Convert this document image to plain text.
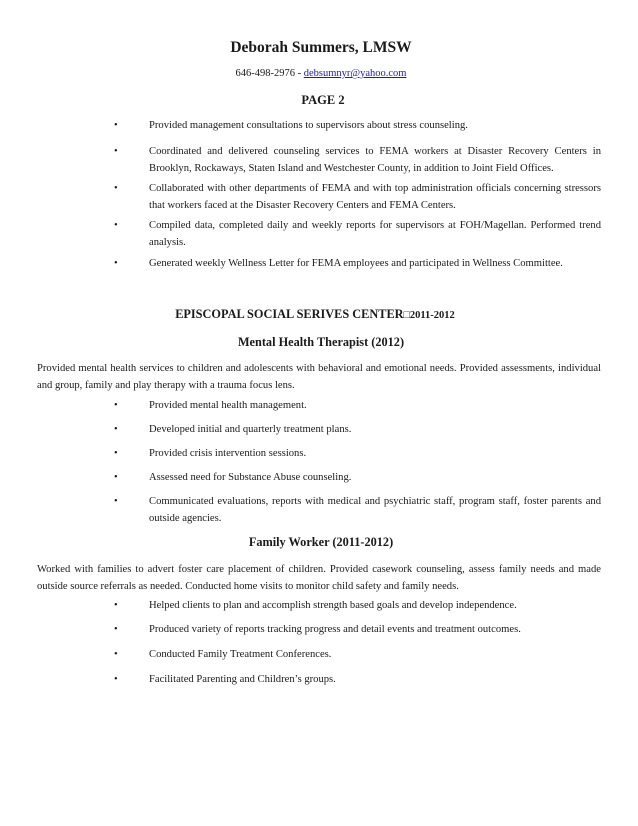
Deborah Summers, LMSW
646-498-2976 - debsumnyr@yahoo.com
PAGE 2
•	Provided management consultations to supervisors about stress counseling.
•	Coordinated and delivered counseling services to FEMA workers at Disaster Recovery Centers in Brooklyn, Rockaways, Staten Island and Westchester County, in addition to Joint Field Offices.
•	Collaborated with other departments of FEMA and with top administration officials concerning stressors that workers faced at the Disaster Recovery Centers and FEMA Centers.
•	Compiled data, completed daily and weekly reports for supervisors at FOH/Magellan. Performed trend analysis.
•	Generated weekly Wellness Letter for FEMA employees and participated in Wellness Committee.
EPISCOPAL SOCIAL SERIVES CENTER□2011-2012
Mental Health Therapist (2012)
Provided mental health services to children and adolescents with behavioral and emotional needs. Provided assessments, individual and group, family and play therapy with a trauma focus lens.
•	Provided mental health management.
•	Developed initial and quarterly treatment plans.
•	Provided crisis intervention sessions.
•	Assessed need for Substance Abuse counseling.
•	Communicated evaluations, reports with medical and psychiatric staff, program staff, foster parents and outside agencies.
Family Worker (2011-2012)
Worked with families to advert foster care placement of children. Provided casework counseling, assess family needs and made outside source referrals as needed. Conducted home visits to monitor child safety and family needs.
•	Helped clients to plan and accomplish strength based goals and develop independence.
•	Produced variety of reports tracking progress and detail events and treatment outcomes.
•	Conducted Family Treatment Conferences.
•	Facilitated Parenting and Children’s groups.
